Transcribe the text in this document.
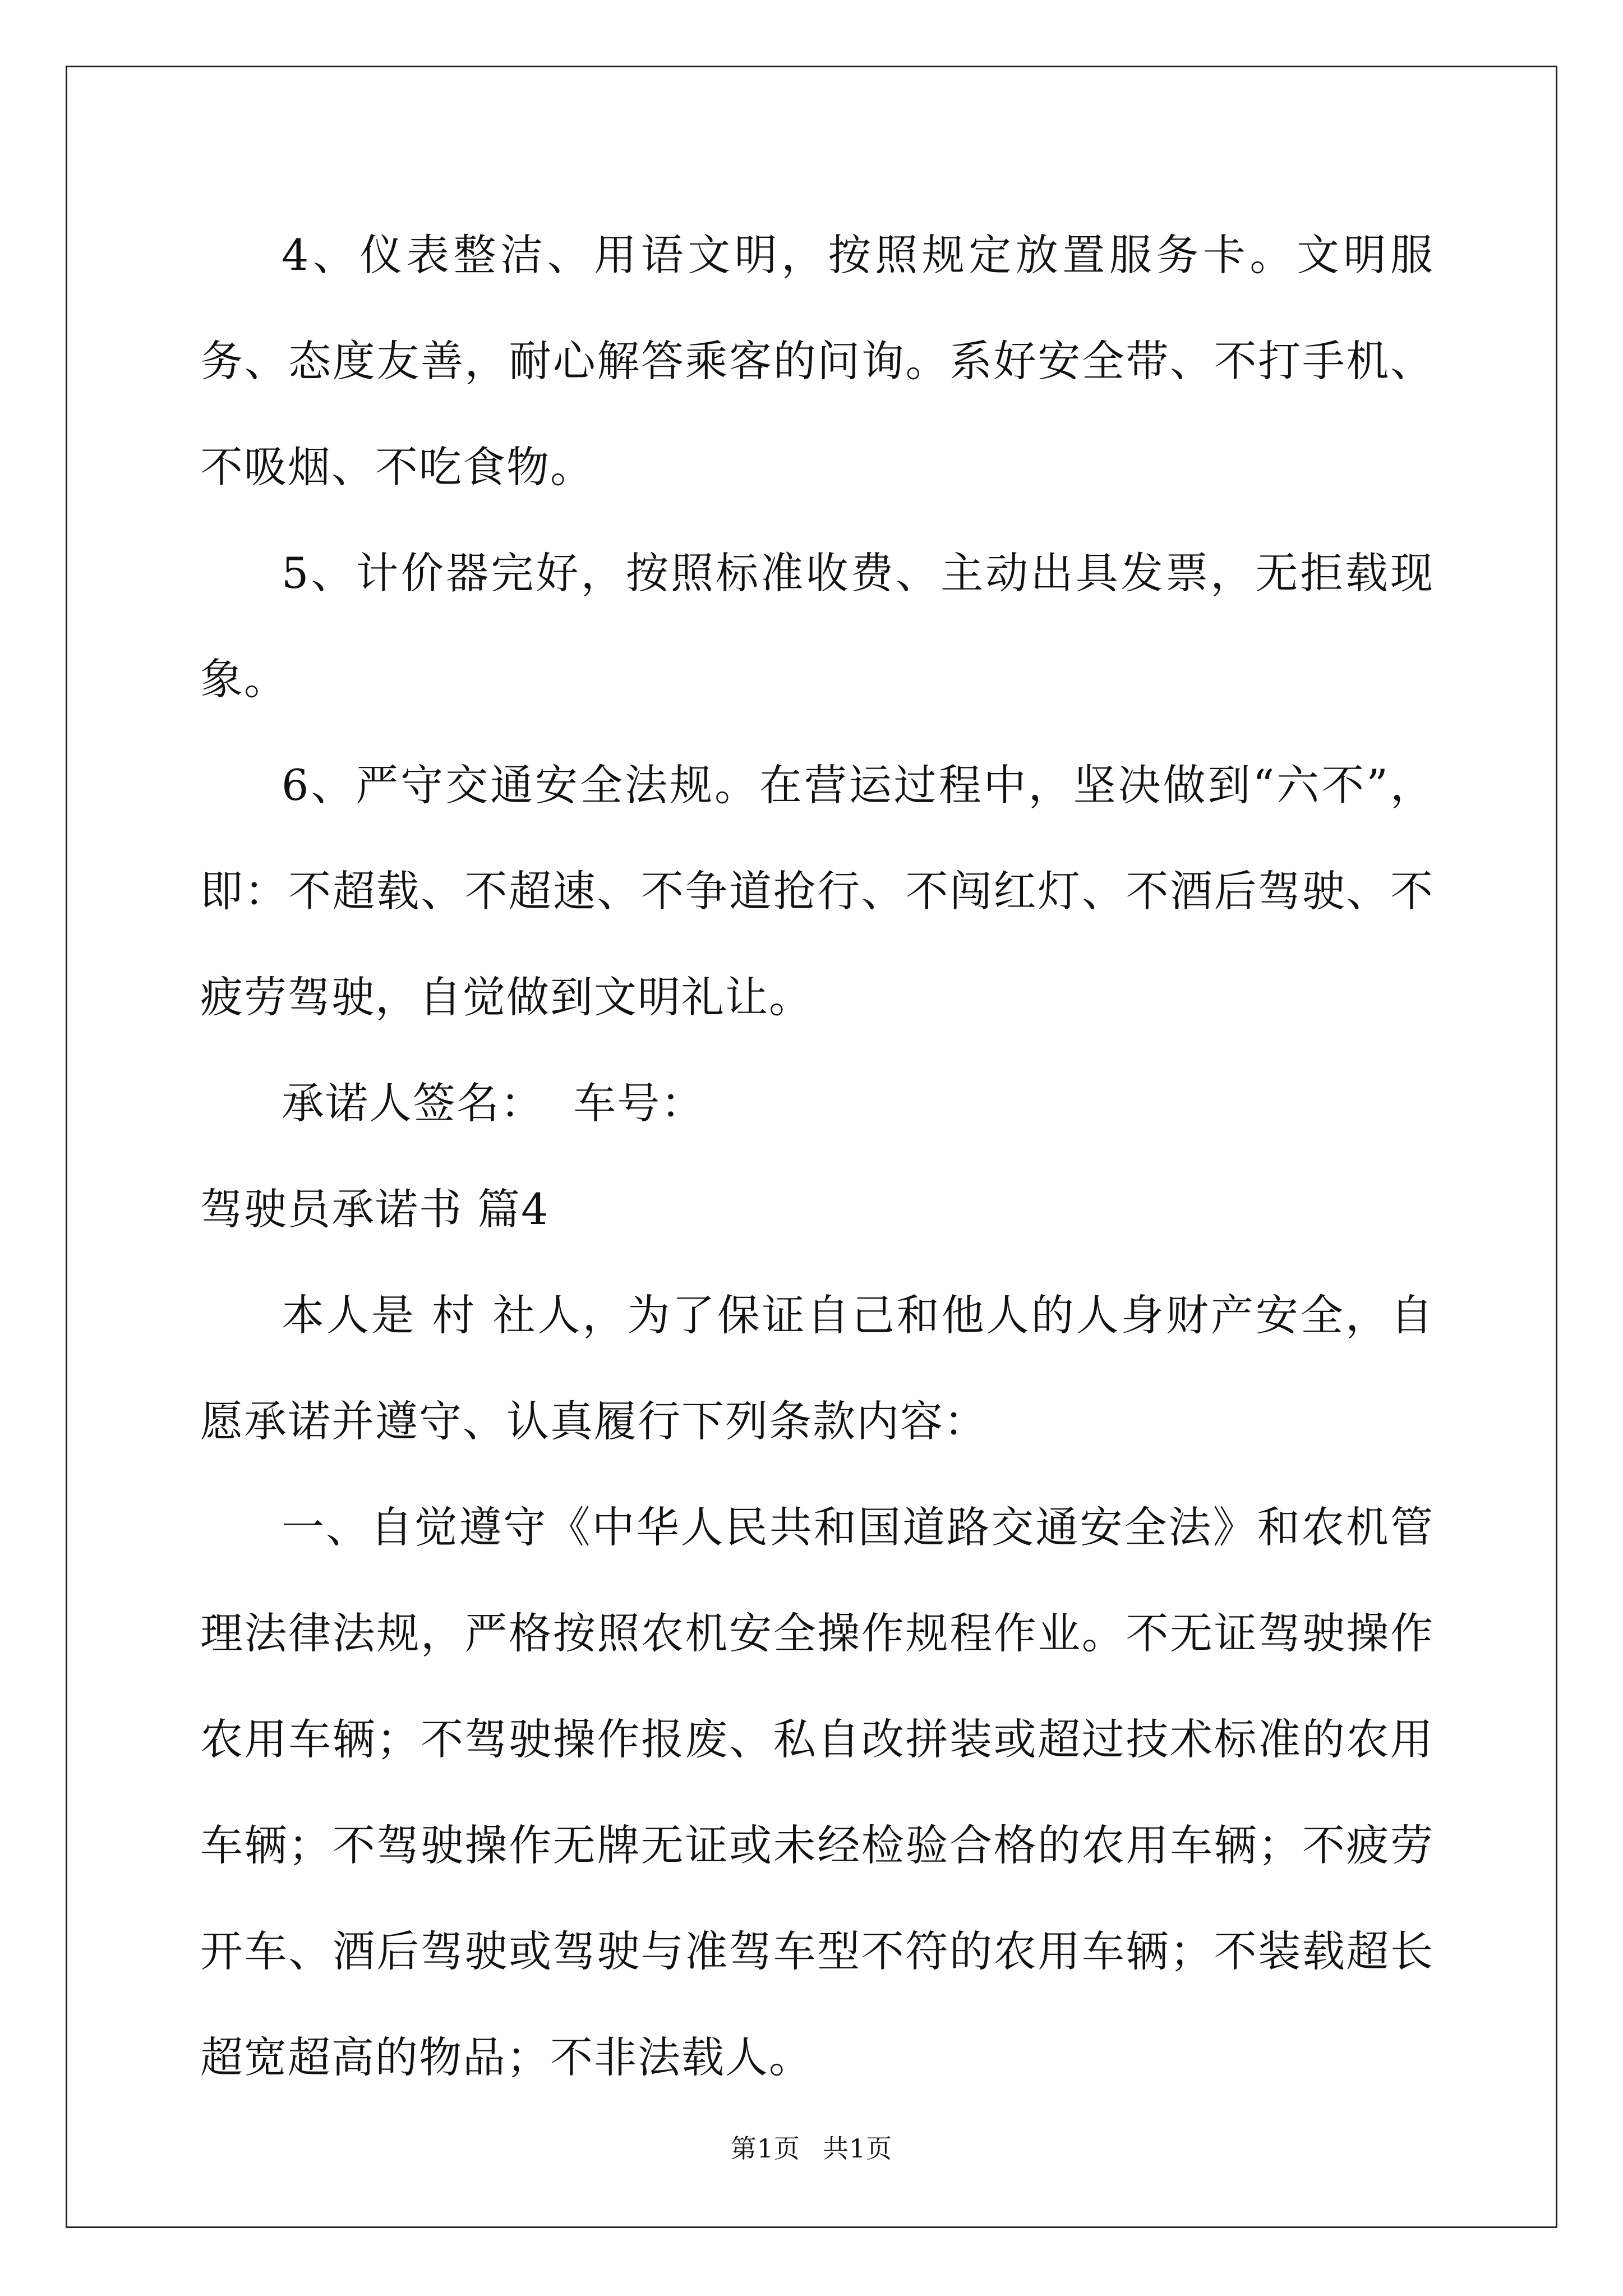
4、仪表整洁、用语文明，按照规定放置服务卡。文明服务、态度友善，耐心解答乘客的问询。系好安全带、不打手机、不吸烟、不吃食物。

5、计价器完好，按照标准收费、主动出具发票，无拒载现象。

6、严守交通安全法规。在营运过程中，坚决做到“六不”，即：不超载、不超速、不争道抢行、不闯红灯、不酒后驾驶、不疲劳驾驶，自觉做到文明礼让。

承诺人签名：  车号：

驾驶员承诺书 篇4

本人是 村 社人，为了保证自己和他人的人身财产安全，自愿承诺并遵守、认真履行下列条款内容：

一、自觉遵守《中华人民共和国道路交通安全法》和农机管理法律法规，严格按照农机安全操作规程作业。不无证驾驶操作农用车辆；不驾驶操作报废、私自改拼装或超过技术标准的农用车辆；不驾驶操作无牌无证或未经检验合格的农用车辆；不疲劳开车、酒后驾驶或驾驶与准驾车型不符的农用车辆；不装载超长超宽超高的物品；不非法载人。

第1页 共1页
